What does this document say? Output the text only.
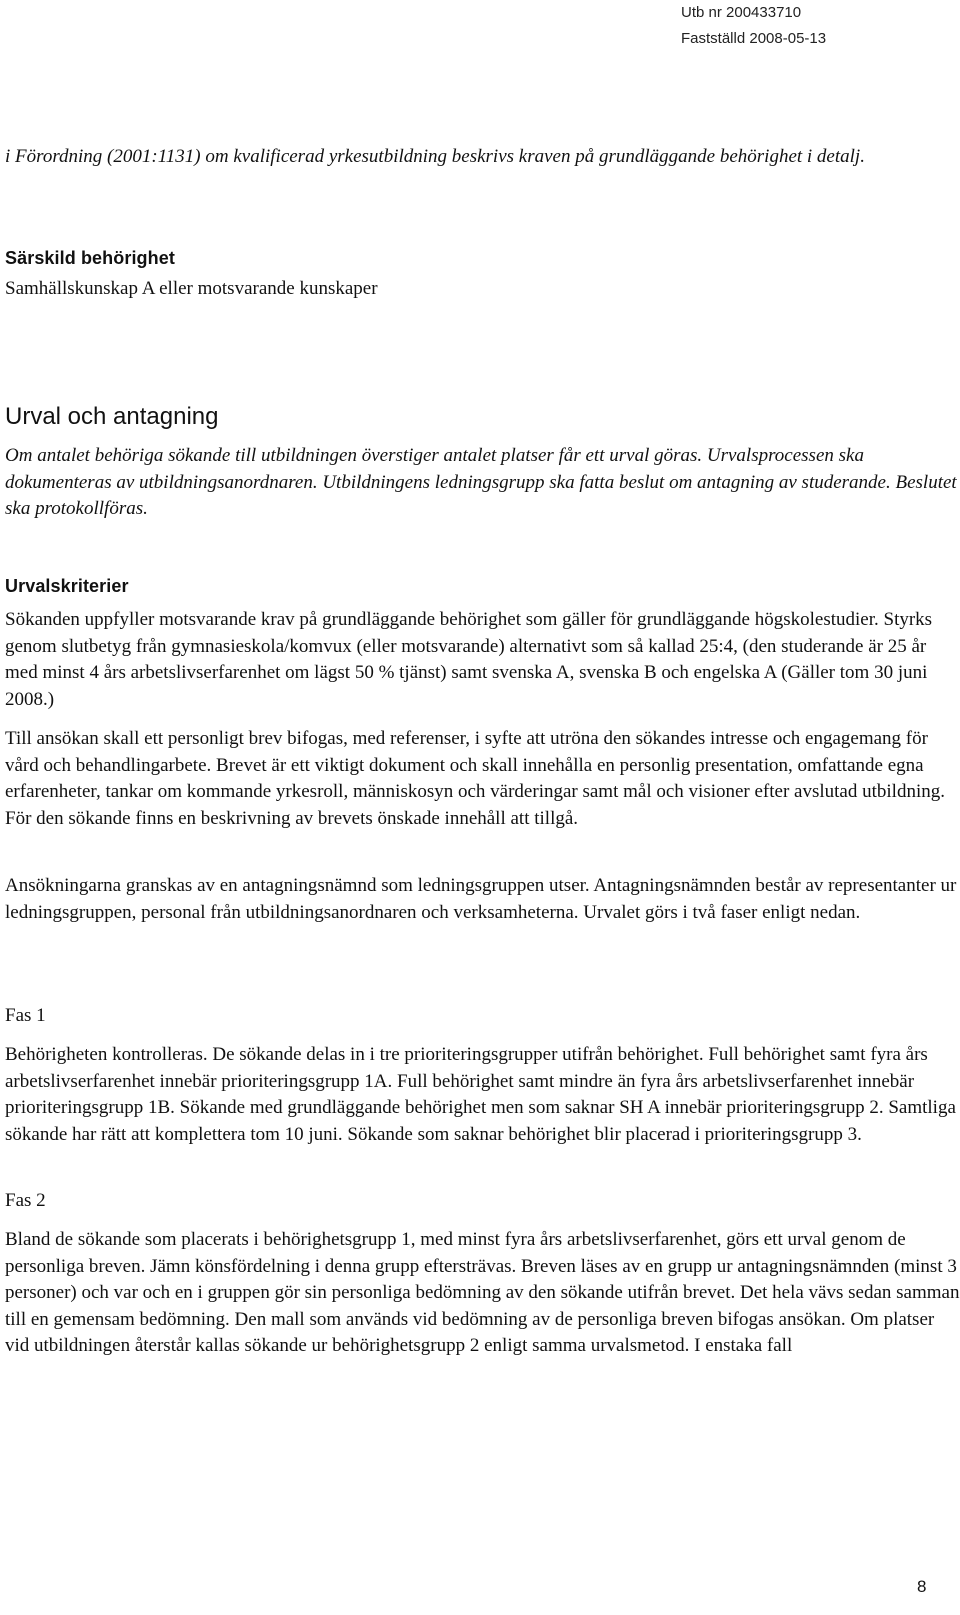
Utb nr 200433710
Fastställd 2008-05-13

i Förordning (2001:1131) om kvalificerad yrkesutbildning beskrivs kraven på grundläggande behörighet i detalj.

Särskild behörighet
Samhällskunskap A eller motsvarande kunskaper
Urval och antagning

Om antalet behöriga sökande till utbildningen överstiger antalet platser får ett urval göras. Urvalsprocessen ska dokumenteras av utbildningsanordnaren. Utbildningens ledningsgrupp ska fatta beslut om antagning av studerande. Beslutet ska protokollföras.

Urvalskriterier

Sökanden uppfyller motsvarande krav på grundläggande behörighet som gäller för grundläggande högskolestudier. Styrks genom slutbetyg från gymnasieskola/komvux (eller motsvarande) alternativt som så kallad 25:4, (den studerande är 25 år med minst 4 års arbetslivserfarenhet om lägst 50 % tjänst) samt svenska A, svenska B och engelska A (Gäller tom 30 juni 2008.)

Till ansökan skall ett personligt brev bifogas, med referenser, i syfte att utröna den sökandes intresse och engagemang för vård och behandlingarbete. Brevet är ett viktigt dokument och skall innehålla en personlig presentation, omfattande egna erfarenheter, tankar om kommande yrkesroll, människosyn och värderingar samt mål och visioner efter avslutad utbildning. För den sökande finns en beskrivning av brevets önskade innehåll att tillgå.

Ansökningarna granskas av en antagningsnämnd som ledningsgruppen utser. Antagningsnämnden består av representanter ur ledningsgruppen, personal från utbildningsanordnaren och verksamheterna. Urvalet görs i två faser enligt nedan.

Fas 1

Behörigheten kontrolleras. De sökande delas in i tre prioriteringsgrupper utifrån behörighet. Full behörighet samt fyra års arbetslivserfarenhet innebär prioriteringsgrupp 1A. Full behörighet samt mindre än fyra års arbetslivserfarenhet innebär prioriteringsgrupp 1B. Sökande med grundläggande behörighet men som saknar SH A innebär prioriteringsgrupp 2. Samtliga sökande har rätt att komplettera tom 10 juni. Sökande som saknar behörighet blir placerad i prioriteringsgrupp 3.

Fas 2

Bland de sökande som placerats i behörighetsgrupp 1, med minst fyra års arbetslivserfarenhet, görs ett urval genom de personliga breven. Jämn könsfördelning i denna grupp eftersträvas. Breven läses av en grupp ur antagningsnämnden (minst 3 personer) och var och en i gruppen gör sin personliga bedömning av den sökande utifrån brevet. Det hela vävs sedan samman till en gemensam bedömning. Den mall som används vid bedömning av de personliga breven bifogas ansökan. Om platser vid utbildningen återstår kallas sökande ur behörighetsgrupp 2 enligt samma urvalsmetod. I enstaka fall

8
